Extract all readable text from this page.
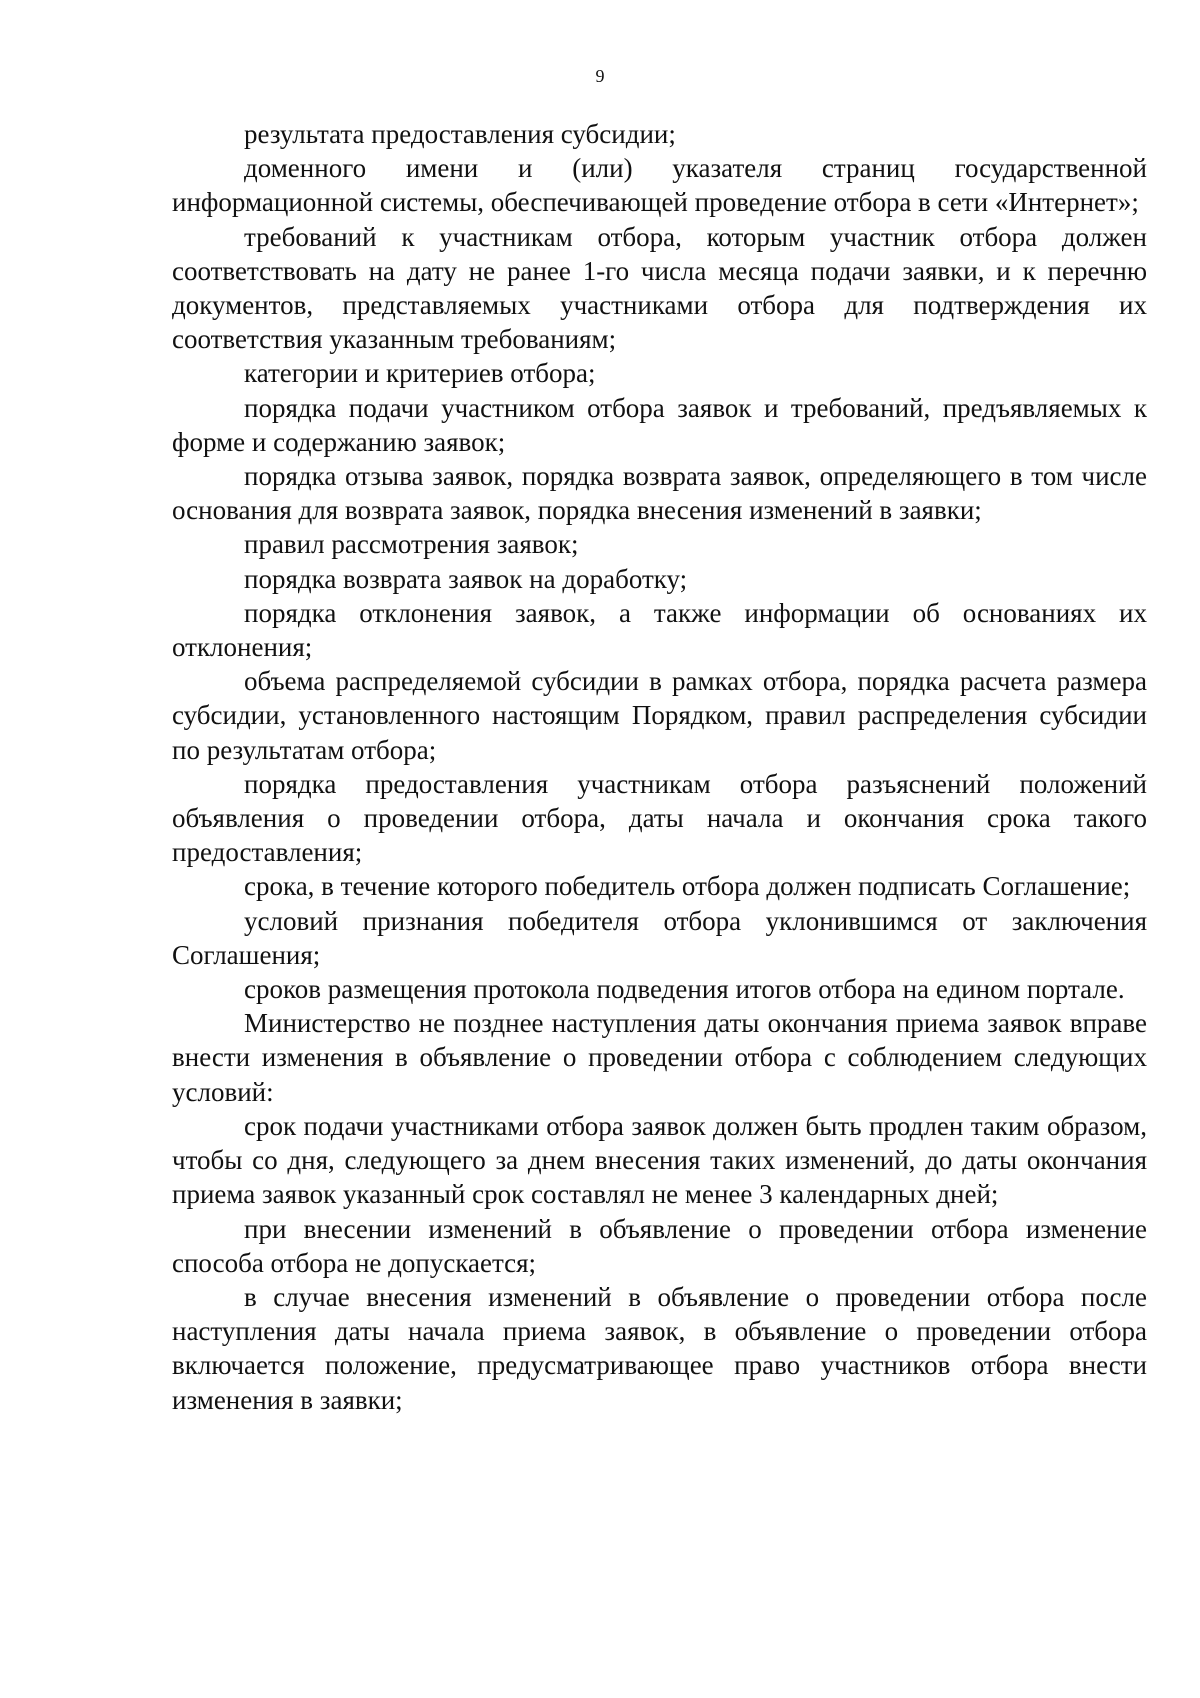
9

результата предоставления субсидии;

доменного имени и (или) указателя страниц государственной информационной системы, обеспечивающей проведение отбора в сети «Интернет»;

требований к участникам отбора, которым участник отбора должен соответствовать на дату не ранее 1-го числа месяца подачи заявки, и к перечню документов, представляемых участниками отбора для подтверждения их соответствия указанным требованиям;

категории и критериев отбора;

порядка подачи участником отбора заявок и требований, предъявляемых к форме и содержанию заявок;

порядка отзыва заявок, порядка возврата заявок, определяющего в том числе основания для возврата заявок, порядка внесения изменений в заявки;

правил рассмотрения заявок;

порядка возврата заявок на доработку;

порядка отклонения заявок, а также информации об основаниях их отклонения;

объема распределяемой субсидии в рамках отбора, порядка расчета размера субсидии, установленного настоящим Порядком, правил распределения субсидии по результатам отбора;

порядка предоставления участникам отбора разъяснений положений объявления о проведении отбора, даты начала и окончания срока такого предоставления;

срока, в течение которого победитель отбора должен подписать Соглашение;

условий признания победителя отбора уклонившимся от заключения Соглашения;

сроков размещения протокола подведения итогов отбора на едином портале.

Министерство не позднее наступления даты окончания приема заявок вправе внести изменения в объявление о проведении отбора с соблюдением следующих условий:

срок подачи участниками отбора заявок должен быть продлен таким образом, чтобы со дня, следующего за днем внесения таких изменений, до даты окончания приема заявок указанный срок составлял не менее 3 календарных дней;

при внесении изменений в объявление о проведении отбора изменение способа отбора не допускается;

в случае внесения изменений в объявление о проведении отбора после наступления даты начала приема заявок, в объявление о проведении отбора включается положение, предусматривающее право участников отбора внести изменения в заявки;
